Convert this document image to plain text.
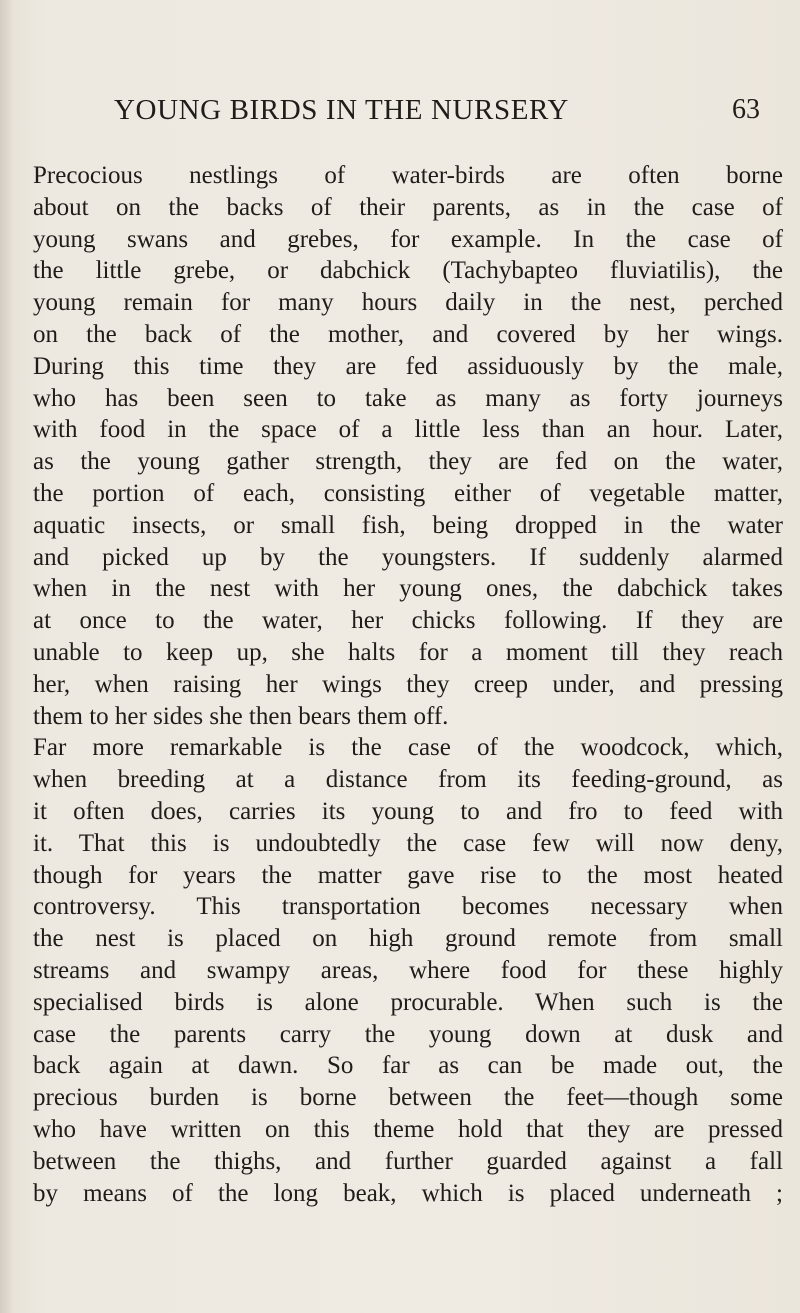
YOUNG BIRDS IN THE NURSERY	63
Precocious nestlings of water-birds are often borne
about on the backs of their parents, as in the case of
young swans and grebes, for example. In the case of
the little grebe, or dabchick (Tachybapteo fluviatilis), the
young remain for many hours daily in the nest, perched
on the back of the mother, and covered by her wings.
During this time they are fed assiduously by the male,
who has been seen to take as many as forty journeys
with food in the space of a little less than an hour. Later,
as the young gather strength, they are fed on the water,
the portion of each, consisting either of vegetable matter,
aquatic insects, or small fish, being dropped in the water
and picked up by the youngsters. If suddenly alarmed
when in the nest with her young ones, the dabchick takes
at once to the water, her chicks following. If they are
unable to keep up, she halts for a moment till they reach
her, when raising her wings they creep under, and pressing
them to her sides she then bears them off.
Far more remarkable is the case of the woodcock, which,
when breeding at a distance from its feeding-ground, as
it often does, carries its young to and fro to feed with
it. That this is undoubtedly the case few will now deny,
though for years the matter gave rise to the most heated
controversy. This transportation becomes necessary when
the nest is placed on high ground remote from small
streams and swampy areas, where food for these highly
specialised birds is alone procurable. When such is the
case the parents carry the young down at dusk and
back again at dawn. So far as can be made out, the
precious burden is borne between the feet—though some
who have written on this theme hold that they are pressed
between the thighs, and further guarded against a fall
by means of the long beak, which is placed underneath ;
